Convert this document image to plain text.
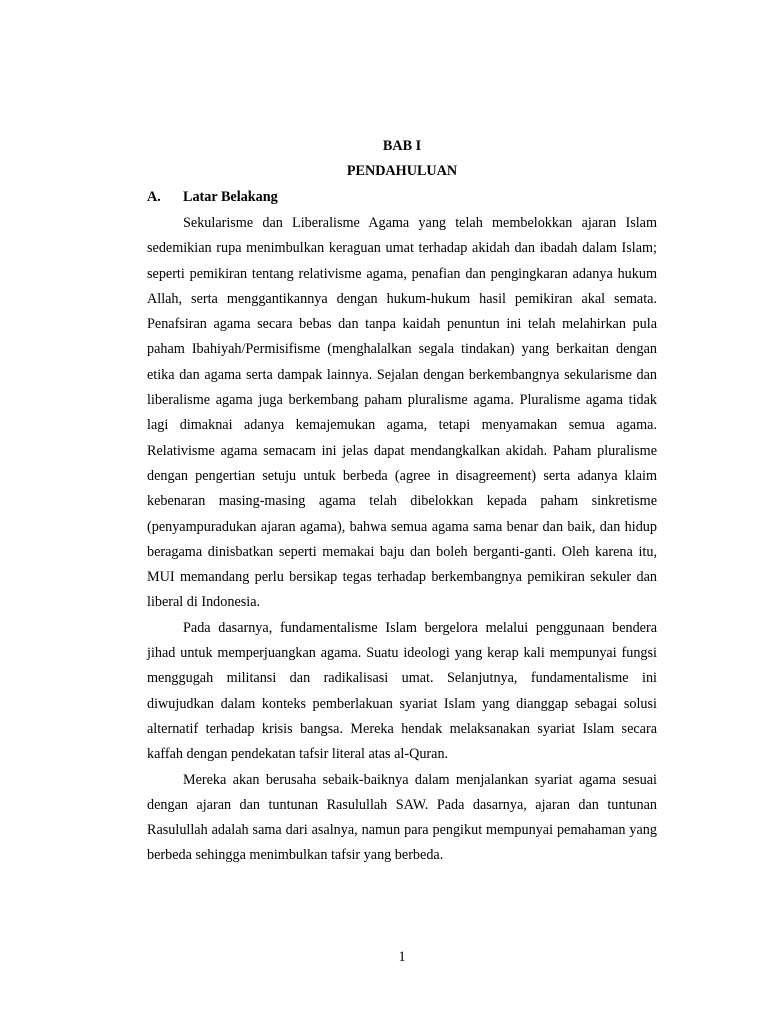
BAB I
PENDAHULUAN
A. Latar Belakang

Sekularisme dan Liberalisme Agama yang telah membelokkan ajaran Islam sedemikian rupa menimbulkan keraguan umat terhadap akidah dan ibadah dalam Islam; seperti pemikiran tentang relativisme agama, penafian dan pengingkaran adanya hukum Allah, serta menggantikannya dengan hukum-hukum hasil pemikiran akal semata. Penafsiran agama secara bebas dan tanpa kaidah penuntun ini telah melahirkan pula paham Ibahiyah/Permisifisme (menghalalkan segala tindakan) yang berkaitan dengan etika dan agama serta dampak lainnya. Sejalan dengan berkembangnya sekularisme dan liberalisme agama juga berkembang paham pluralisme agama. Pluralisme agama tidak lagi dimaknai adanya kemajemukan agama, tetapi menyamakan semua agama. Relativisme agama semacam ini jelas dapat mendangkalkan akidah. Paham pluralisme dengan pengertian setuju untuk berbeda (agree in disagreement) serta adanya klaim kebenaran masing-masing agama telah dibelokkan kepada paham sinkretisme (penyampuradukan ajaran agama), bahwa semua agama sama benar dan baik, dan hidup beragama dinisbatkan seperti memakai baju dan boleh berganti-ganti. Oleh karena itu, MUI memandang perlu bersikap tegas terhadap berkembangnya pemikiran sekuler dan liberal di Indonesia.

Pada dasarnya, fundamentalisme Islam bergelora melalui penggunaan bendera jihad untuk memperjuangkan agama. Suatu ideologi yang kerap kali mempunyai fungsi menggugah militansi dan radikalisasi umat. Selanjutnya, fundamentalisme ini diwujudkan dalam konteks pemberlakuan syariat Islam yang dianggap sebagai solusi alternatif terhadap krisis bangsa. Mereka hendak melaksanakan syariat Islam secara kaffah dengan pendekatan tafsir literal atas al-Quran.

Mereka akan berusaha sebaik-baiknya dalam menjalankan syariat agama sesuai dengan ajaran dan tuntunan Rasulullah SAW. Pada dasarnya, ajaran dan tuntunan Rasulullah adalah sama dari asalnya, namun para pengikut mempunyai pemahaman yang berbeda sehingga menimbulkan tafsir yang berbeda.

1
